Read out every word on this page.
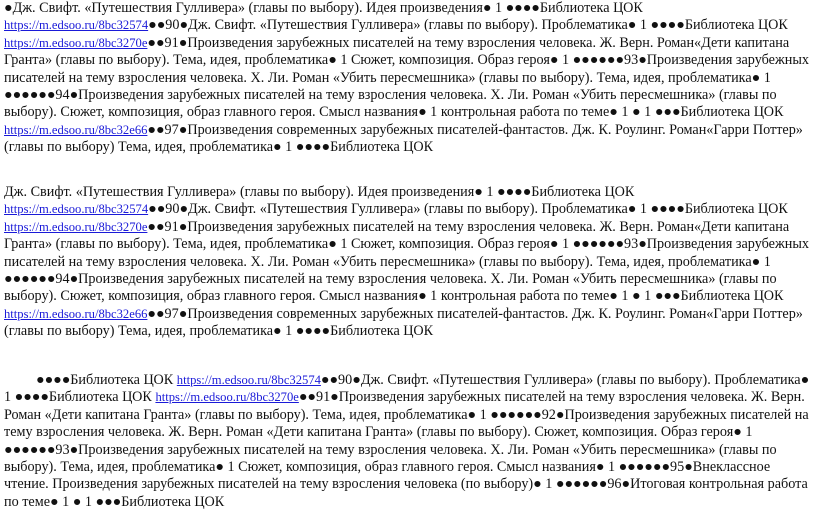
●Дж. Свифт. «Путешествия Гулливера» (главы по выбору). Идея произведения● 1 ●●●●Библиотека ЦОК https://m.edsoo.ru/8bc32574●●90●Дж. Свифт. «Путешествия Гулливера» (главы по выбору). Проблематика● 1 ●●●●Библиотека ЦОК https://m.edsoo.ru/8bc3270e●●91●Произведения зарубежных писателей на тему взросления человека. Ж. Верн. Роман«Дети капитана Гранта» (главы по выбору). Тема, идея, проблематика● 1 Сюжет, композиция. Образ героя● 1 ●●●●●●93●Произведения зарубежных писателей на тему взросления человека. Х. Ли. Роман «Убить пересмешника» (главы по выбору). Тема, идея, проблематика● 1 ●●●●●●94●Произведения зарубежных писателей на тему взросления человека. Х. Ли. Роман «Убить пересмешника» (главы по выбору). Сюжет, композиция, образ главного героя. Смысл названия● 1 контрольная работа по теме● 1 ● 1 ●●●Библиотека ЦОК https://m.edsoo.ru/8bc32e66●●97●Произведения современных зарубежных писателей-фантастов. Дж. К. Роулинг. Роман«Гарри Поттер» (главы по выбору) Тема, идея, проблематика● 1 ●●●●Библиотека ЦОК
Дж. Свифт. «Путешествия Гулливера» (главы по выбору). Идея произведения● 1 ●●●●Библиотека ЦОК https://m.edsoo.ru/8bc32574●●90●Дж. Свифт. «Путешествия Гулливера» (главы по выбору). Проблематика● 1 ●●●●Библиотека ЦОК https://m.edsoo.ru/8bc3270e●●91●Произведения зарубежных писателей на тему взросления человека. Ж. Верн. Роман«Дети капитана Гранта» (главы по выбору). Тема, идея, проблематика● 1 Сюжет, композиция. Образ героя● 1 ●●●●●●93●Произведения зарубежных писателей на тему взросления человека. Х. Ли. Роман «Убить пересмешника» (главы по выбору). Тема, идея, проблематика● 1 ●●●●●●94●Произведения зарубежных писателей на тему взросления человека. Х. Ли. Роман «Убить пересмешника» (главы по выбору). Сюжет, композиция, образ главного героя. Смысл названия● 1 контрольная работа по теме● 1 ● 1 ●●●Библиотека ЦОК https://m.edsoo.ru/8bc32e66●●97●Произведения современных зарубежных писателей-фантастов. Дж. К. Роулинг. Роман«Гарри Поттер» (главы по выбору) Тема, идея, проблематика● 1 ●●●●Библиотека ЦОК
●●●●Библиотека ЦОК https://m.edsoo.ru/8bc32574●●90●Дж. Свифт. «Путешествия Гулливера» (главы по выбору). Проблематика● 1 ●●●●Библиотека ЦОК https://m.edsoo.ru/8bc3270e●●91●Произведения зарубежных писателей на тему взросления человека. Ж. Верн. Роман «Дети капитана Гранта» (главы по выбору). Тема, идея, проблематика● 1 ●●●●●●92●Произведения зарубежных писателей на тему взросления человека. Ж. Верн. Роман «Дети капитана Гранта» (главы по выбору). Сюжет, композиция. Образ героя● 1 ●●●●●●93●Произведения зарубежных писателей на тему взросления человека. Х. Ли. Роман «Убить пересмешника» (главы по выбору). Тема, идея, проблематика● 1 Сюжет, композиция, образ главного героя. Смысл названия● 1 ●●●●●●95●Внеклассное чтение. Произведения зарубежных писателей на тему взросления человека (по выбору)● 1 ●●●●●●96●Итоговая контрольная работа по теме● 1 ● 1 ●●●Библиотека ЦОК
